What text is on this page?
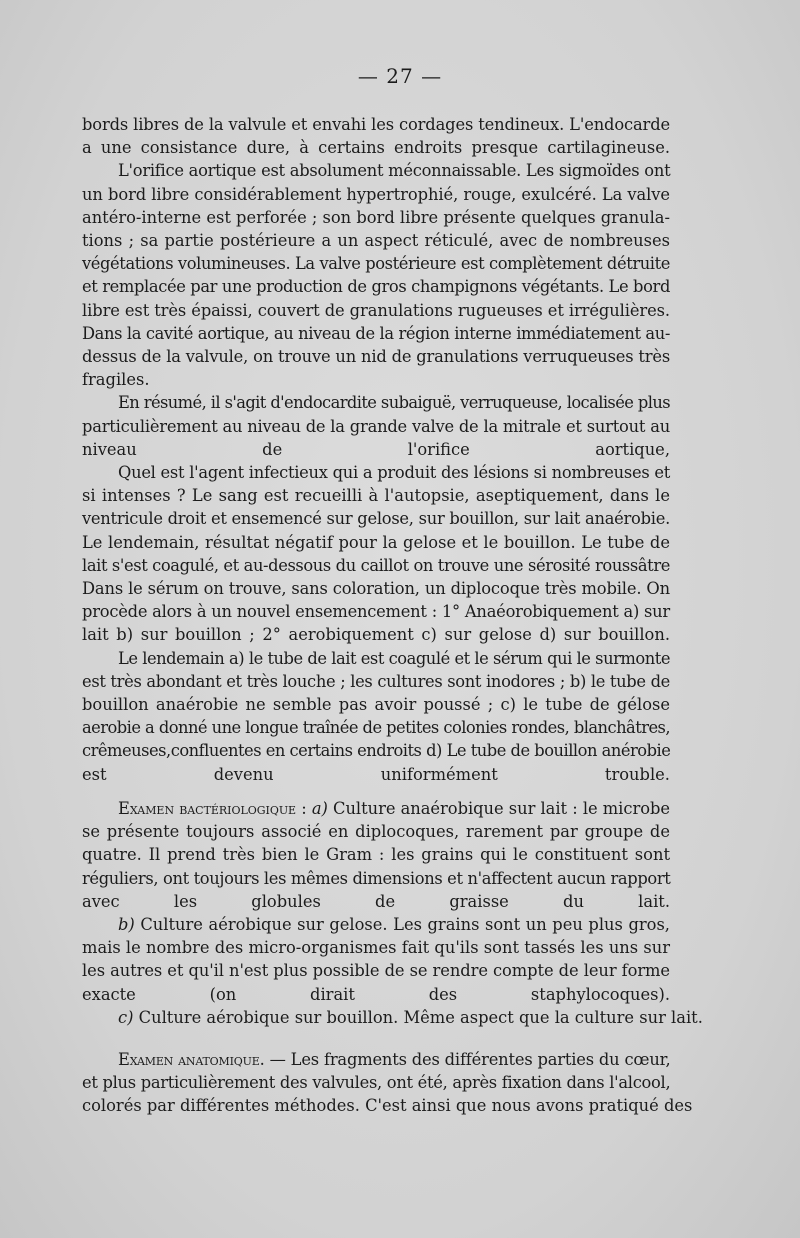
— 27 —

bords libres de la valvule et envahi les cordages tendineux. L'endocarde
a une consistance dure, à certains endroits presque cartilagineuse.

L'orifice aortique est absolument méconnaissable. Les sigmoïdes ont
un bord libre considérablement hypertrophié, rouge, exulcéré. La valve
antéro-interne est perforée ; son bord libre présente quelques granula-
tions ; sa partie postérieure a un aspect réticulé, avec de nombreuses
végétations volumineuses. La valve postérieure est complètement détruite
et remplacée par une production de gros champignons végétants. Le bord
libre est très épaissi, couvert de granulations rugueuses et irrégulières.
Dans la cavité aortique, au niveau de la région interne immédiatement au-
dessus de la valvule, on trouve un nid de granulations verruqueuses très
fragiles.

En résumé, il s'agit d'endocardite subaiguë, verruqueuse, localisée plus
particulièrement au niveau de la grande valve de la mitrale et surtout au
niveau de l'orifice aortique,

Quel est l'agent infectieux qui a produit des lésions si nombreuses et
si intenses ? Le sang est recueilli à l'autopsie, aseptiquement, dans le
ventricule droit et ensemencé sur gelose, sur bouillon, sur lait anaérobie.
Le lendemain, résultat négatif pour la gelose et le bouillon. Le tube de
lait s'est coagulé, et au-dessous du caillot on trouve une sérosité roussâtre
Dans le sérum on trouve, sans coloration, un diplocoque très mobile. On
procède alors à un nouvel ensemencement : 1° Anaéorobiquement a) sur
lait b) sur bouillon ; 2° aerobiquement c) sur gelose d) sur bouillon.

Le lendemain a) le tube de lait est coagulé et le sérum qui le surmonte
est très abondant et très louche ; les cultures sont inodores ; b) le tube de
bouillon anaérobie ne semble pas avoir poussé ; c) le tube de gélose
aerobie a donné une longue traînée de petites colonies rondes, blanchâtres,
crêmeuses,confluentes en certains endroits d) Le tube de bouillon anérobie
est devenu uniformément trouble.

Examen bactériologique : a) Culture anaérobique sur lait : le microbe
se présente toujours associé en diplocoques, rarement par groupe de
quatre. Il prend très bien le Gram : les grains qui le constituent sont
réguliers, ont toujours les mêmes dimensions et n'affectent aucun rapport
avec les globules de graisse du lait.

b) Culture aérobique sur gelose. Les grains sont un peu plus gros,
mais le nombre des micro-organismes fait qu'ils sont tassés les uns sur
les autres et qu'il n'est plus possible de se rendre compte de leur forme
exacte (on dirait des staphylocoques).

c) Culture aérobique sur bouillon. Même aspect que la culture sur lait.

Examen anatomique. — Les fragments des différentes parties du cœur,
et plus particulièrement des valvules, ont été, après fixation dans l'alcool,
colorés par différentes méthodes. C'est ainsi que nous avons pratiqué des
